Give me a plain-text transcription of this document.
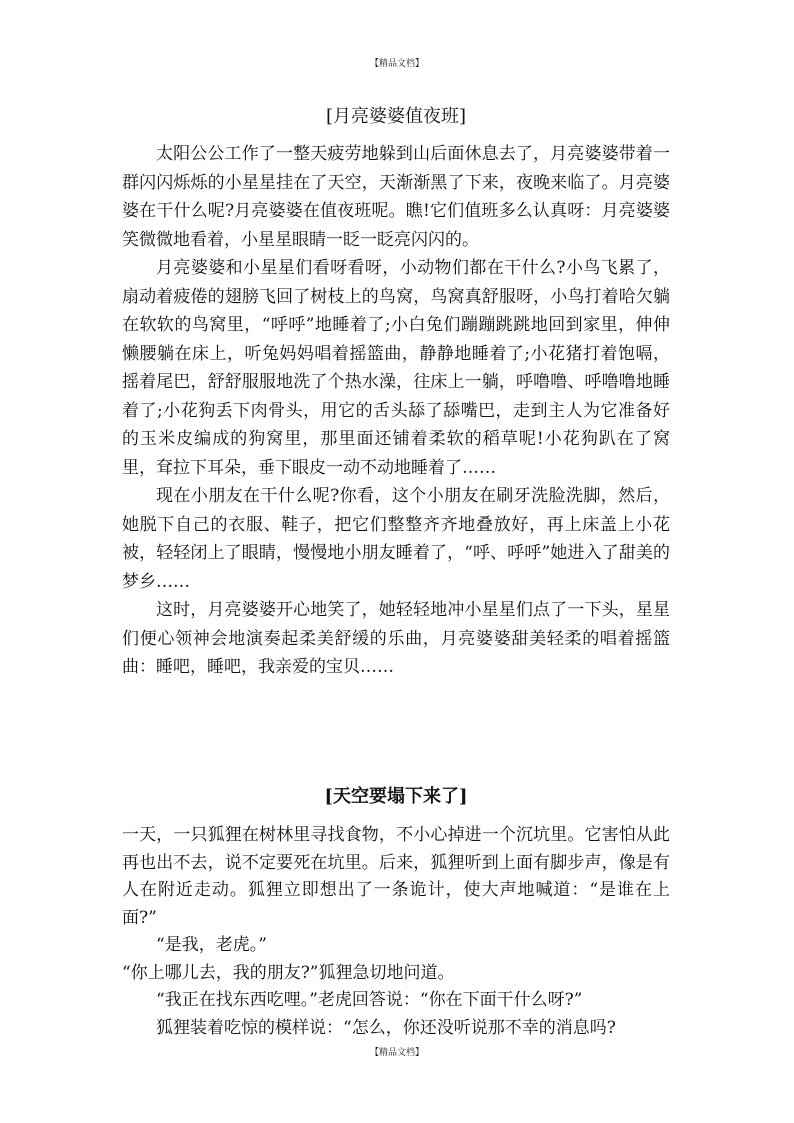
【精品文档】
[月亮婆婆值夜班]

太阳公公工作了一整天疲劳地躲到山后面休息去了，月亮婆婆带着一群闪闪烁烁的小星星挂在了天空，天渐渐黑了下来，夜晚来临了。月亮婆婆在干什么呢?月亮婆婆在值夜班呢。瞧!它们值班多么认真呀：月亮婆婆笑微微地看着，小星星眼睛一眨一眨亮闪闪的。

月亮婆婆和小星星们看呀看呀，小动物们都在干什么?小鸟飞累了，扇动着疲倦的翅膀飞回了树枝上的鸟窝，鸟窝真舒服呀，小鸟打着哈欠躺在软软的鸟窝里，“呼呼”地睡着了;小白兔们蹦蹦跳跳地回到家里，伸伸懒腰躺在床上，听兔妈妈唱着摇篮曲，静静地睡着了;小花猪打着饱嗝，摇着尾巴，舒舒服服地洗了个热水澡，往床上一躺，呼噜噜、呼噜噜地睡着了;小花狗丢下肉骨头，用它的舌头舔了舔嘴巴，走到主人为它准备好的玉米皮编成的狗窝里，那里面还铺着柔软的稻草呢!小花狗趴在了窝里，耷拉下耳朵，垂下眼皮一动不动地睡着了……

现在小朋友在干什么呢?你看，这个小朋友在刷牙洗脸洗脚，然后，她脱下自己的衣服、鞋子，把它们整整齐齐地叠放好，再上床盖上小花被，轻轻闭上了眼睛，慢慢地小朋友睡着了，“呼、呼呼”她进入了甜美的梦乡……

这时，月亮婆婆开心地笑了，她轻轻地冲小星星们点了一下头，星星们便心领神会地演奏起柔美舒缓的乐曲，月亮婆婆甜美轻柔的唱着摇篮曲：睡吧，睡吧，我亲爱的宝贝……

[天空要塌下来了]

一天，一只狐狸在树林里寻找食物，不小心掉进一个沉坑里。它害怕从此再也出不去，说不定要死在坑里。后来，狐狸听到上面有脚步声，像是有人在附近走动。狐狸立即想出了一条诡计，使大声地喊道：“是谁在上面?”

“是我，老虎。”

“你上哪儿去，我的朋友?”狐狸急切地问道。

“我正在找东西吃哩。”老虎回答说：“你在下面干什么呀?”

狐狸装着吃惊的模样说：“怎么，你还没听说那不幸的消息吗?

【精品文档】
